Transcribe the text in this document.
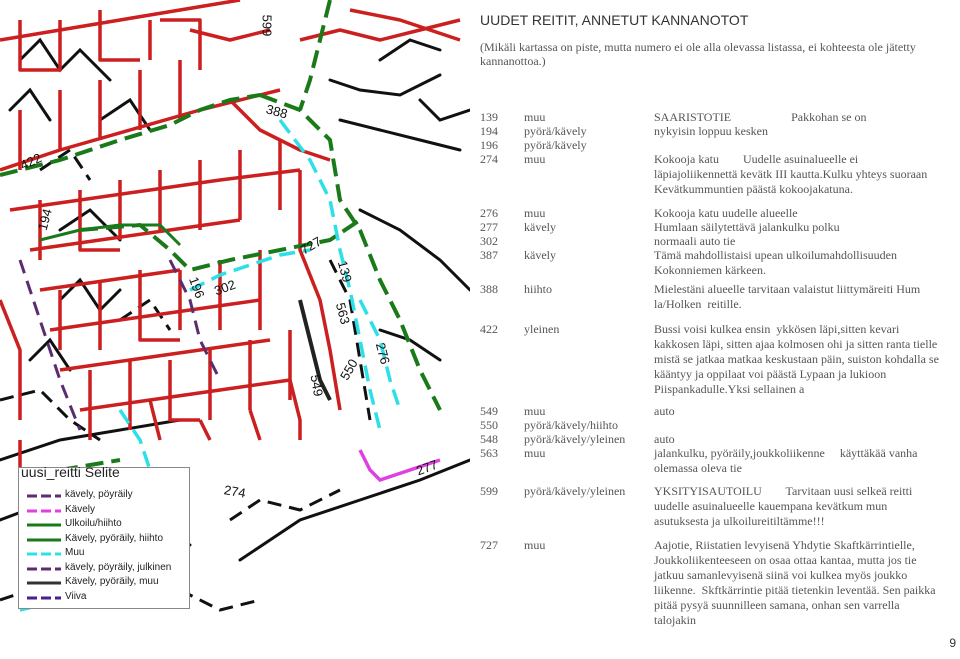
599
388
422
194
196 302
727
139
563
276
550
549
274
277
uusi_reitti Selite
kävely, pöyräily
Kävely
Ulkoilu/hiihto
Kävely, pyöräily, hiihto
Muu
kävely, pöyräily, julkinen
Kävely, pyöräily, muu
Viiva
UUDET REITIT, ANNETUT KANNANOTOT
(Mikäli kartassa on piste, mutta numero ei ole alla olevassa listassa, ei kohteesta ole jätetty kannanottoa.)
139 muu	SAARISTOTIE                    Pakkohan se on
194 pyörä/kävely	nykyisin loppuu kesken
196 pyörä/kävely
274 muu	Kokooja katu        Uudelle asuinalueelle ei läpiajoliikennettä kevätk III kautta.Kulku yhteys suoraan Kevätkummuntien päästä kokoojakatuna.
276 muu	Kokooja katu uudelle alueelle
277 kävely	Humlaan säilytettävä jalankulku polku
302	normaali auto tie
387 kävely	Tämä mahdollistaisi upean ulkoilumahdollisuuden Kokonniemen kärkeen.
388 hiihto	Mielestäni alueelle tarvitaan valaistut liittymäreiti Hum la/Holken  reitille.
422 yleinen	Bussi voisi kulkea ensin  ykkösen läpi,sitten kevari kakkosen läpi, sitten ajaa kolmosen ohi ja sitten ranta tielle mistä se jatkaa matkaa keskustaan päin, suiston kohdalla se kääntyy ja oppilaat voi päästä Lypaan ja lukioon Piispankadulle.Yksi sellainen a
549 muu	auto
550 pyörä/kävely/hiihto
548 pyörä/kävely/yleinen auto
563 muu	jalankulku, pyöräily,joukkoliikenne     käyttäkää vanha olemassa oleva tie
599 pyörä/kävely/yleinen YKSITYISAUTOILU        Tarvitaan uusi selkeä reitti uudelle asuinalueelle kauempana kevätkum mun asutuksesta ja ulkoilureitiltämme!!!
727 muu	Aajotie, Riistatien levyisenä Yhdytie Skaftkärrintielle, Joukkoliikenteeseen on osaa ottaa kantaa, mutta jos tie jatkuu samanlevyisenä siinä voi kulkea myös joukko liikenne.  Skftkärrintie pitää tietenkin leventää. Sen paikka pitää pysyä suunnilleen samana, onhan sen varrella talojakin
9
